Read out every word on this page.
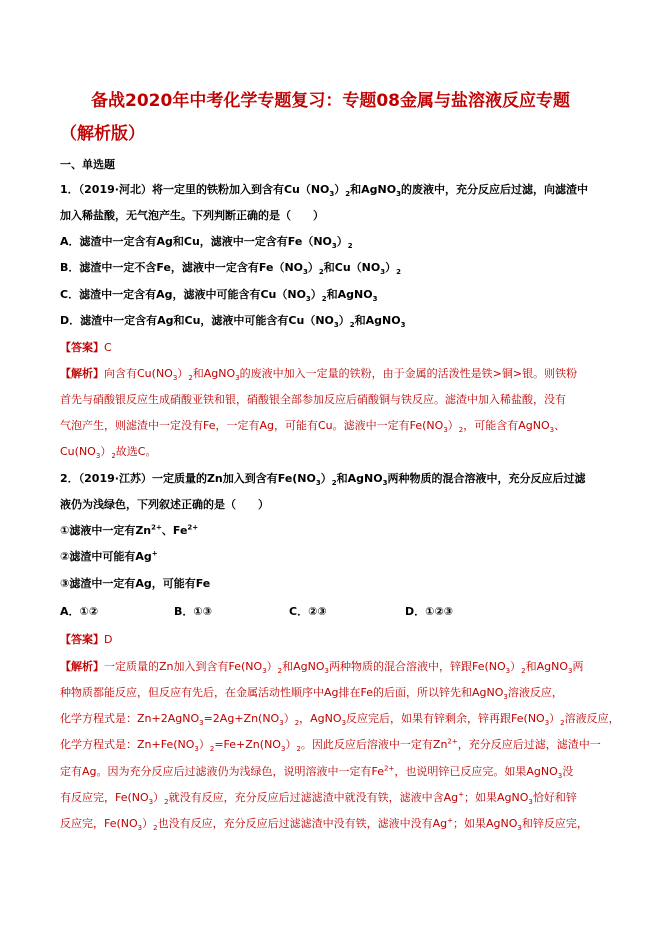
备战2020年中考化学专题复习：专题08金属与盐溶液反应专题
（解析版）
一、单选题
1．（2019·河北）将一定里的铁粉加入到含有$Cu(NO_3)_2$和AgNO$_3$的废液中，充分反应后过滤，向滤渣中
加入稀盐酸，无气泡产生。下列判断正确的是（　　）
A．滤渣中一定含有Ag和Cu，滤液中一定含有$Fe(NO_3)_2$
B．滤渣中一定不含Fe，滤液中一定含有$Fe(NO_3)_2$和$Cu(NO_3)_2$
C．滤渣中一定含有Ag，滤液中可能含有$Cu(NO_3)_2$和AgNO$_3$
D．滤渣中一定含有Ag和Cu，滤液中可能含有$Cu(NO_3)_2$和AgNO$_3$
【答案】C
【解析】向含有$Cu(NO_3)_2$和AgNO$_3$的废液中加入一定量的铁粉，由于金属的活泼性是铁>铜>银。则铁粉
首先与硝酸银反应生成硝酸亚铁和银，硝酸银全部参加反应后硝酸铜与铁反应。滤渣中加入稀盐酸，没有
气泡产生，则滤渣中一定没有Fe，一定有Ag，可能有Cu。滤液中一定有$Fe(NO_3)_2$，可能含有AgNO$_3$、
$Cu(NO_3)_2$故选C。
2．（2019·江苏）一定质量的Zn加入到含有$Fe(NO_3)_2$和AgNO$_3$两种物质的混合溶液中，充分反应后过滤
液仍为浅绿色，下列叙述正确的是（　　）
①滤液中一定有$Zn^{2+}$、$Fe^{2+}$
②滤渣中可能有Ag+
③滤渣中一定有Ag，可能有Fe
A．①②	B．①③	C．②③	D．①②③
【答案】D
【解析】一定质量的Zn加入到含有$Fe(NO_3)_2$和AgNO$_3$两种物质的混合溶液中，锌跟$Fe(NO_3)_2$和AgNO$_3$两
种物质都能反应，但反应有先后，在金属活动性顺序中Ag排在Fe的后面，所以锌先和AgNO$_3$溶液反应，
化学方程式是：$Zn+2AgNO_3=2Ag+Zn(NO_3)_2$，AgNO$_3$反应完后，如果有锌剩余，锌再跟$Fe(NO_3)_2$溶液反应，
化学方程式是：$Zn+Fe(NO_3)_2=Fe+Zn(NO_3)_2$。因此反应后溶液中一定有$Zn^{2+}$，充分反应后过滤，滤渣中一
定有Ag。因为充分反应后过滤液仍为浅绿色，说明溶液中一定有$Fe^{2+}$，也说明锌已反应完。如果AgNO$_3$没
有反应完，$Fe(NO_3)_2$就没有反应，充分反应后过滤滤渣中就没有铁，滤液中含Ag+；如果AgNO$_3$恰好和锌
反应完，$Fe(NO_3)_2$也没有反应，充分反应后过滤滤渣中没有铁，滤液中没有Ag+；如果AgNO$_3$和锌反应完，
